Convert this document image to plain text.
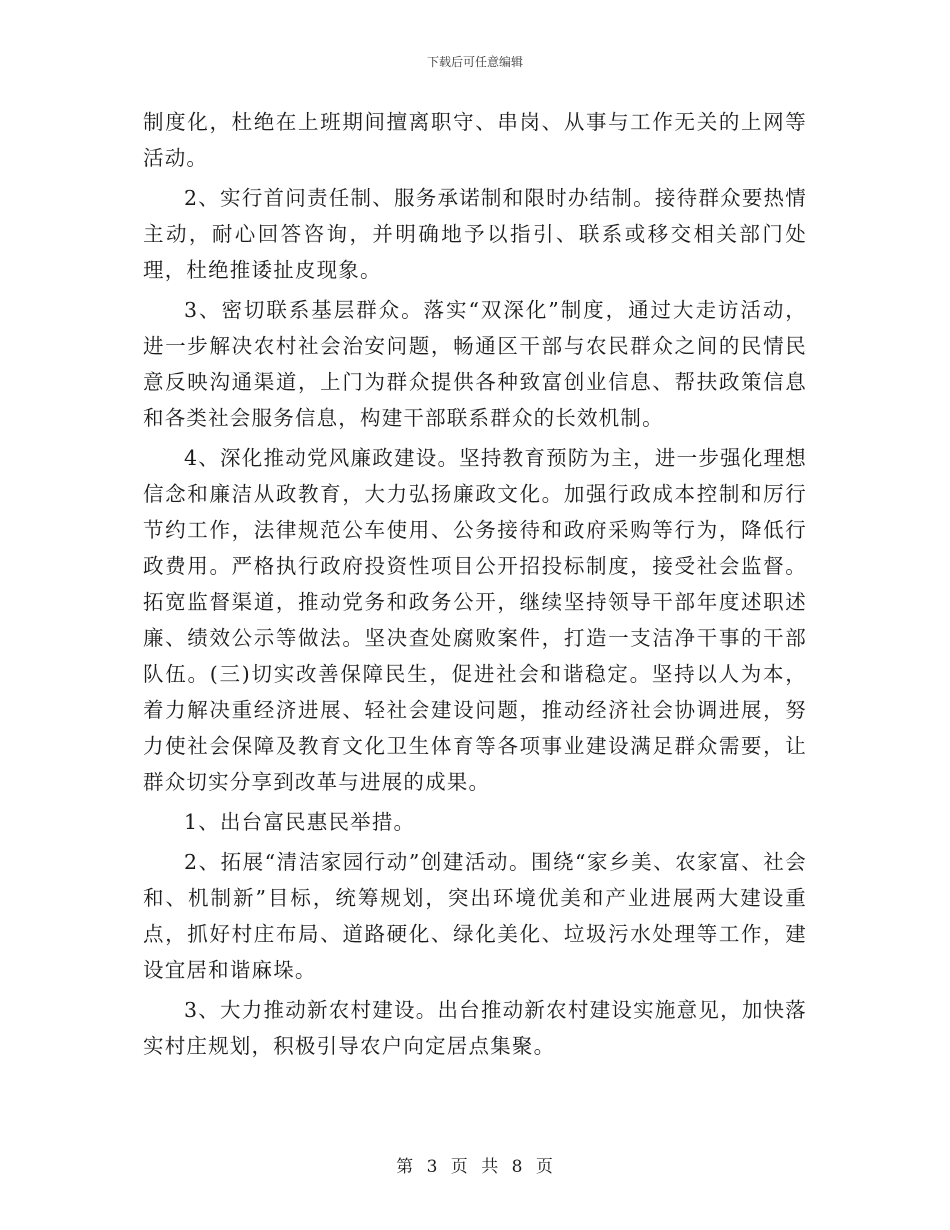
下载后可任意编辑

制度化，杜绝在上班期间擅离职守、串岗、从事与工作无关的上网等活动。

2、实行首问责任制、服务承诺制和限时办结制。接待群众要热情主动，耐心回答咨询，并明确地予以指引、联系或移交相关部门处理，杜绝推诿扯皮现象。

3、密切联系基层群众。落实“双深化”制度，通过大走访活动，进一步解决农村社会治安问题，畅通区干部与农民群众之间的民情民意反映沟通渠道，上门为群众提供各种致富创业信息、帮扶政策信息和各类社会服务信息，构建干部联系群众的长效机制。

4、深化推动党风廉政建设。坚持教育预防为主，进一步强化理想信念和廉洁从政教育，大力弘扬廉政文化。加强行政成本控制和厉行节约工作，法律规范公车使用、公务接待和政府采购等行为，降低行政费用。严格执行政府投资性项目公开招投标制度，接受社会监督。拓宽监督渠道，推动党务和政务公开，继续坚持领导干部年度述职述廉、绩效公示等做法。坚决查处腐败案件，打造一支洁净干事的干部队伍。(三)切实改善保障民生，促进社会和谐稳定。坚持以人为本，着力解决重经济进展、轻社会建设问题，推动经济社会协调进展，努力使社会保障及教育文化卫生体育等各项事业建设满足群众需要，让群众切实分享到改革与进展的成果。

1、出台富民惠民举措。

2、拓展“清洁家园行动”创建活动。围绕“家乡美、农家富、社会和、机制新”目标，统筹规划，突出环境优美和产业进展两大建设重点，抓好村庄布局、道路硬化、绿化美化、垃圾污水处理等工作，建设宜居和谐麻垛。

3、大力推动新农村建设。出台推动新农村建设实施意见，加快落实村庄规划，积极引导农户向定居点集聚。

第 3 页 共 8 页
